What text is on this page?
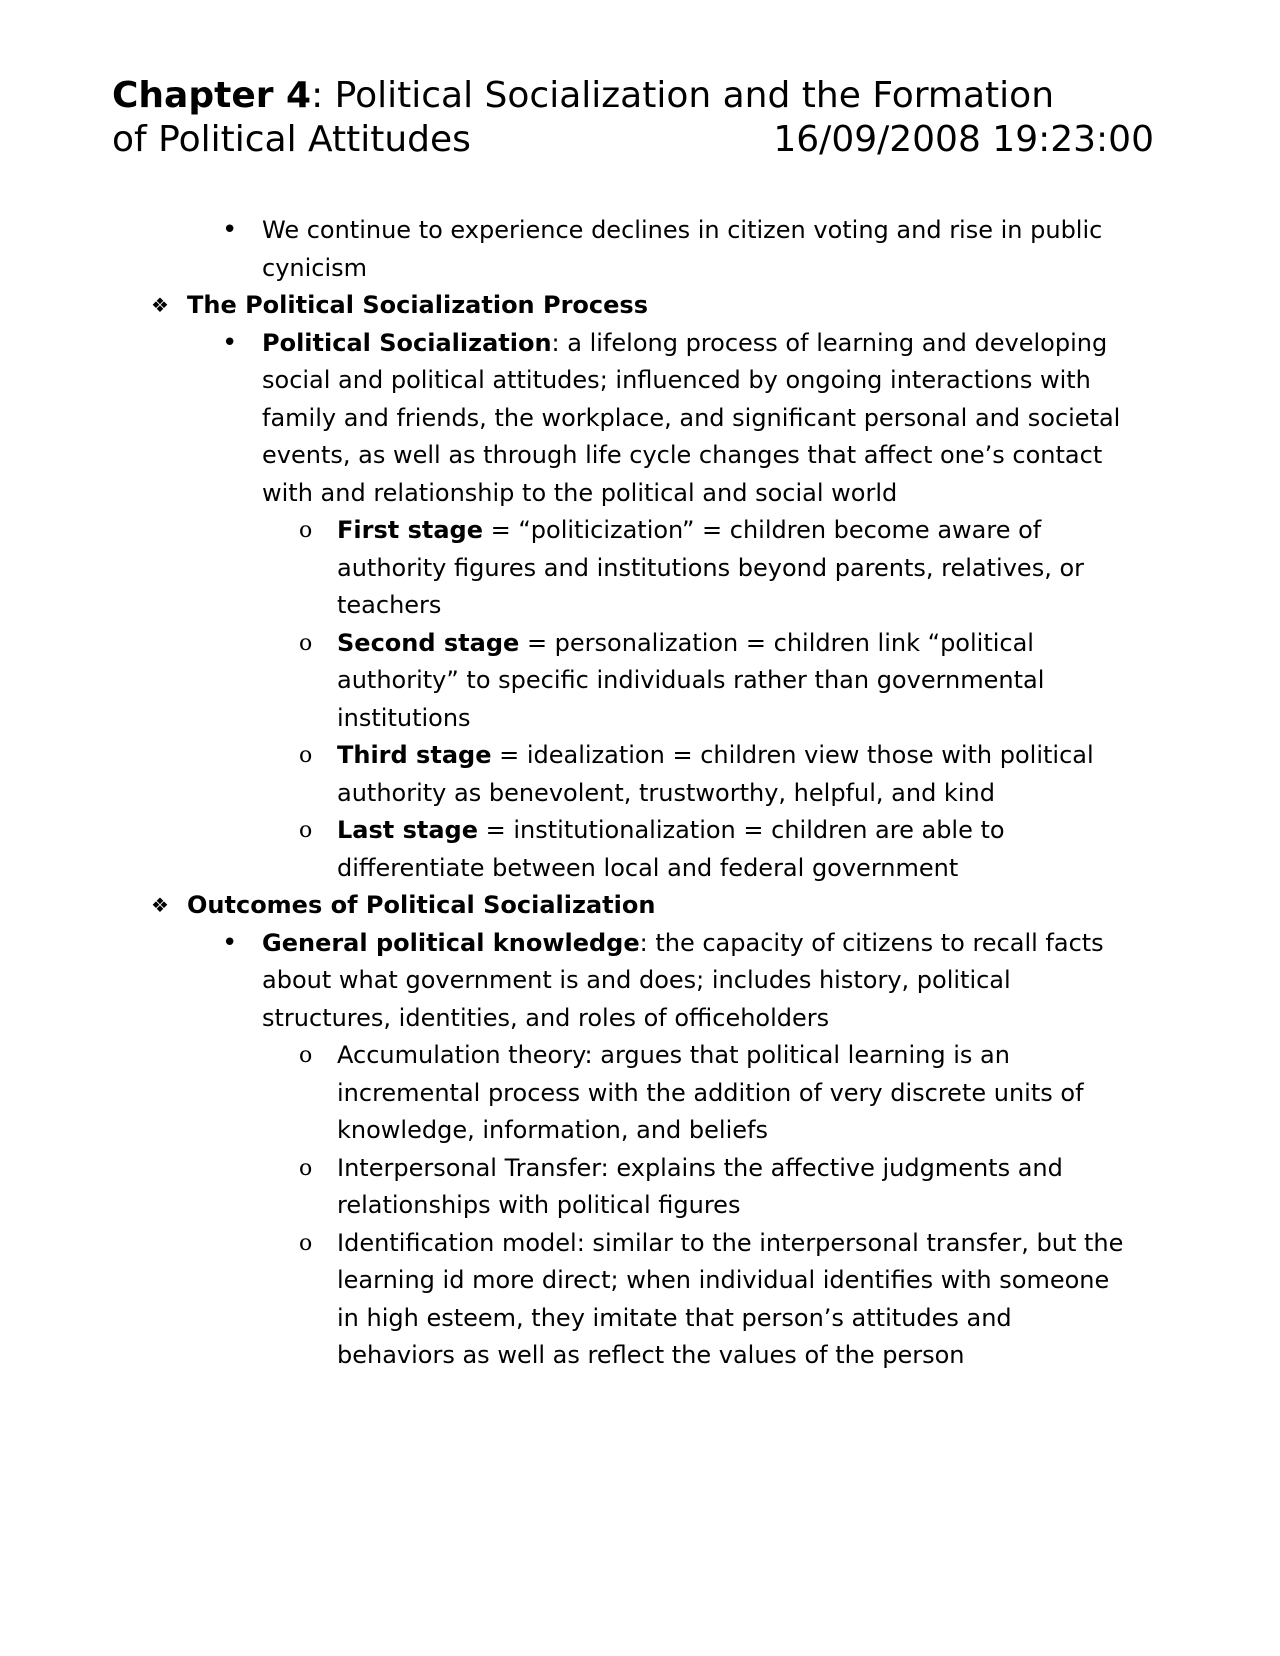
Chapter 4: Political Socialization and the Formation
of Political Attitudes	16/09/2008 19:23:00
• We continue to experience declines in citizen voting and rise in public cynicism
❖ The Political Socialization Process
• Political Socialization: a lifelong process of learning and developing social and political attitudes; influenced by ongoing interactions with family and friends, the workplace, and significant personal and societal events, as well as through life cycle changes that affect one’s contact with and relationship to the political and social world
o First stage = “politicization” = children become aware of authority figures and institutions beyond parents, relatives, or teachers
o Second stage = personalization = children link “political authority” to specific individuals rather than governmental institutions
o Third stage = idealization = children view those with political authority as benevolent, trustworthy, helpful, and kind
o Last stage = institutionalization = children are able to differentiate between local and federal government
❖ Outcomes of Political Socialization
• General political knowledge: the capacity of citizens to recall facts about what government is and does; includes history, political structures, identities, and roles of officeholders
o Accumulation theory: argues that political learning is an incremental process with the addition of very discrete units of knowledge, information, and beliefs
o Interpersonal Transfer: explains the affective judgments and relationships with political figures
o Identification model: similar to the interpersonal transfer, but the learning id more direct; when individual identifies with someone in high esteem, they imitate that person’s attitudes and behaviors as well as reflect the values of the person
